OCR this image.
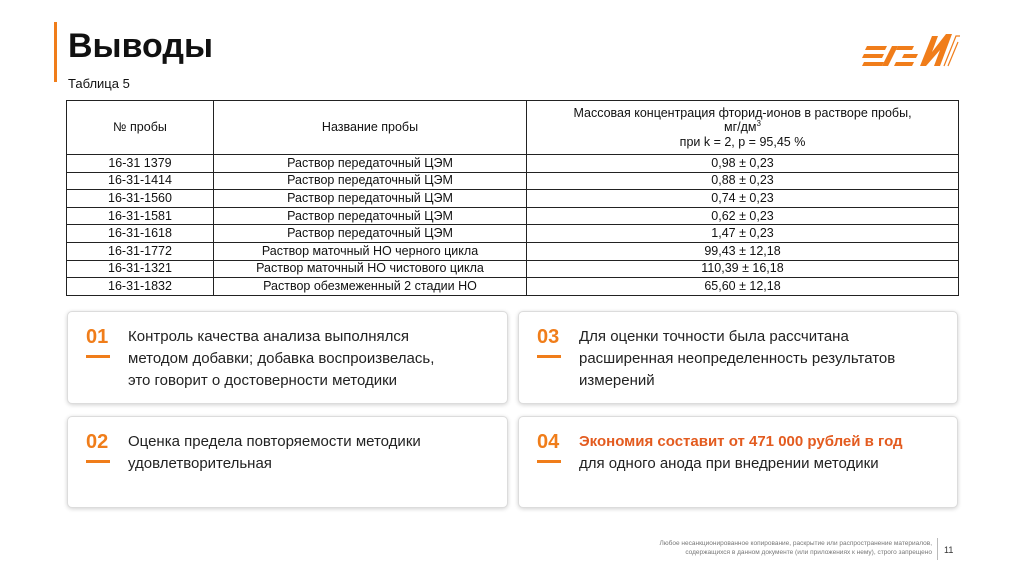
Выводы
Таблица 5
№ пробы	Название пробы	Массовая концентрация фторид-ионов в растворе пробы,
$мг/дм^3$
при k = 2, p = 95,45 %
16-31 1379	Раствор передаточный ЦЭМ	0,98 ± 0,23
16-31-1414	Раствор передаточный ЦЭМ	0,88 ± 0,23
16-31-1560	Раствор передаточный ЦЭМ	0,74 ± 0,23
16-31-1581	Раствор передаточный ЦЭМ	0,62 ± 0,23
16-31-1618	Раствор передаточный ЦЭМ	1,47 ± 0,23
16-31-1772	Раствор маточный НО черного цикла	99,43 ± 12,18
16-31-1321	Раствор маточный НО чистового цикла	110,39 ± 16,18
16-31-1832	Раствор обезмеженный 2 стадии НО	65,60 ± 12,18
01 Контроль качества анализа выполнялся
методом добавки; добавка воспроизвелась,
это говорит о достоверности методики
02 Оценка предела повторяемости методики
удовлетворительная
03 Для оценки точности была рассчитана
расширенная неопределенность результатов
измерений
04 Экономия составит от 471 000 рублей в год
для одного анода при внедрении методики
Любое несанкционированное копирование, раскрытие или распространение материалов,
содержащихся в данном документе (или приложениях к нему), строго запрещено 11
